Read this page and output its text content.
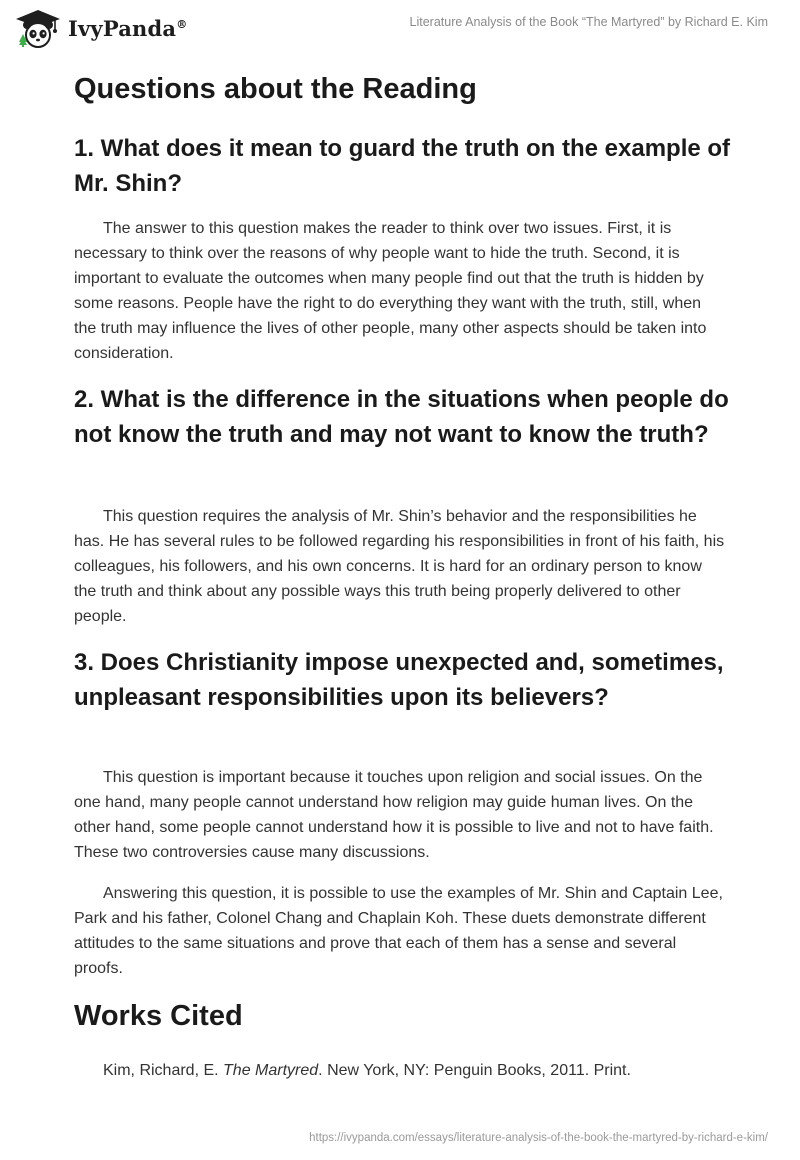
IvyPanda®	Literature Analysis of the Book “The Martyred” by Richard E. Kim
Questions about the Reading
1. What does it mean to guard the truth on the example of Mr. Shin?

The answer to this question makes the reader to think over two issues. First, it is necessary to think over the reasons of why people want to hide the truth. Second, it is important to evaluate the outcomes when many people find out that the truth is hidden by some reasons. People have the right to do everything they want with the truth, still, when the truth may influence the lives of other people, many other aspects should be taken into consideration.

2. What is the difference in the situations when people do not know the truth and may not want to know the truth?

This question requires the analysis of Mr. Shin’s behavior and the responsibilities he has. He has several rules to be followed regarding his responsibilities in front of his faith, his colleagues, his followers, and his own concerns. It is hard for an ordinary person to know the truth and think about any possible ways this truth being properly delivered to other people.

3. Does Christianity impose unexpected and, sometimes, unpleasant responsibilities upon its believers?

This question is important because it touches upon religion and social issues. On the one hand, many people cannot understand how religion may guide human lives. On the other hand, some people cannot understand how it is possible to live and not to have faith. These two controversies cause many discussions.

Answering this question, it is possible to use the examples of Mr. Shin and Captain Lee, Park and his father, Colonel Chang and Chaplain Koh. These duets demonstrate different attitudes to the same situations and prove that each of them has a sense and several proofs.

Works Cited

Kim, Richard, E. The Martyred. New York, NY: Penguin Books, 2011. Print.

https://ivypanda.com/essays/literature-analysis-of-the-book-the-martyred-by-richard-e-kim/
